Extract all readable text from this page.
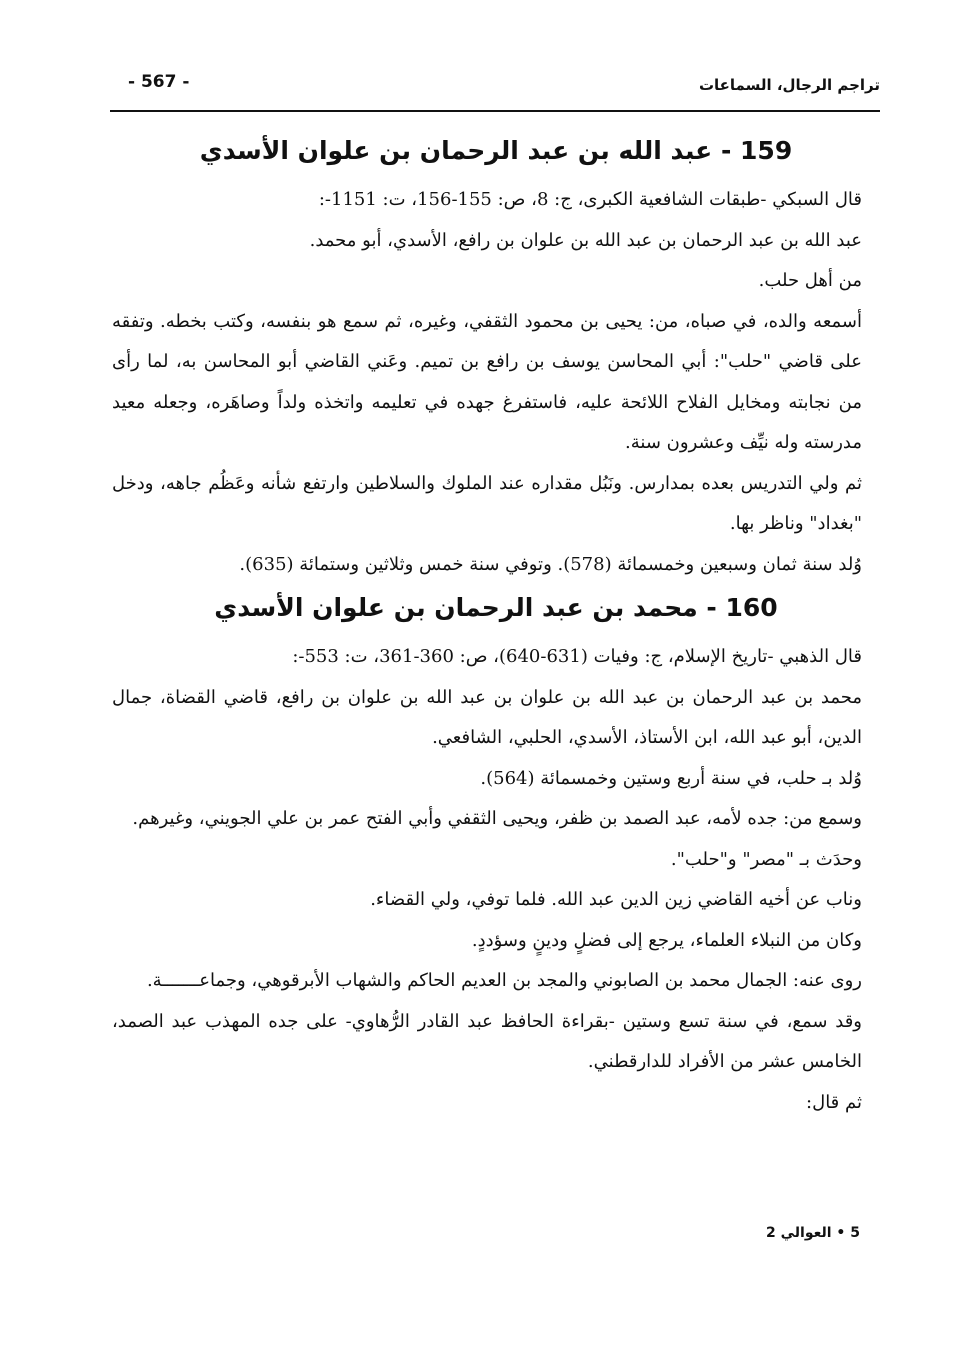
- 567 -	تراجم الرجال، السماعات
159 - عبد الله بن عبد الرحمان بن علوان الأسدي

قال السبكي -طبقات الشافعية الكبرى، ج: 8، ص: 155-156، ت: 1151-:

عبد الله بن عبد الرحمان بن عبد الله بن علوان بن رافع، الأسدي، أبو محمد.

من أهل حلب.

أسمعه والده، في صباه، من: يحيى بن محمود الثقفي، وغيره، ثم سمع هو بنفسه، وكتب بخطه. وتفقه على قاضي "حلب": أبي المحاسن يوسف بن رافع بن تميم. وعَني القاضي أبو المحاسن به، لما رأى من نجابته ومخايل الفلاح اللائحة عليه، فاستفرغ جهده في تعليمه واتخذه ولداً وصاهَره، وجعله معيد مدرسته وله نيِّف وعشرون سنة.

ثم ولي التدريس بعده بمدارس. ونَبُل مقداره عند الملوك والسلاطين وارتفع شأنه وعَظُم جاهه، ودخل "بغداد" وناظر بها.

وُلد سنة ثمان وسبعين وخمسمائة (578). وتوفي سنة خمس وثلاثين وستمائة (635).

160 - محمد بن عبد الرحمان بن علوان الأسدي

قال الذهبي -تاريخ الإسلام، ج: وفيات (631-640)، ص: 360-361، ت: 553-:

محمد بن عبد الرحمان بن عبد الله بن علوان بن عبد الله بن علوان بن رافع، قاضي القضاة، جمال الدين، أبو عبد الله، ابن الأستاذ، الأسدي، الحلبي، الشافعي.

وُلد بـ حلب، في سنة أربع وستين وخمسمائة (564).

وسمع من: جده لأمه، عبد الصمد بن ظفر، ويحيى الثقفي وأبي الفتح عمر بن علي الجويني، وغيرهم.

وحدَث بـ "مصر" و"حلب".

وناب عن أخيه القاضي زين الدين عبد الله. فلما توفي، ولي القضاء.

وكان من النبلاء العلماء، يرجع إلى فضلٍ ودينٍ وسؤددٍ.

روى عنه: الجمال محمد بن الصابوني والمجد بن العديم الحاكم والشهاب الأبرقوهي، وجماعـــــــة.

وقد سمع، في سنة تسع وستين -بقراءة الحافظ عبد القادر الرُّهاوي- على جده المهذب عبد الصمد، الخامس عشر من الأفراد للدارقطني.

ثم قال:

5 • العوالي 2
